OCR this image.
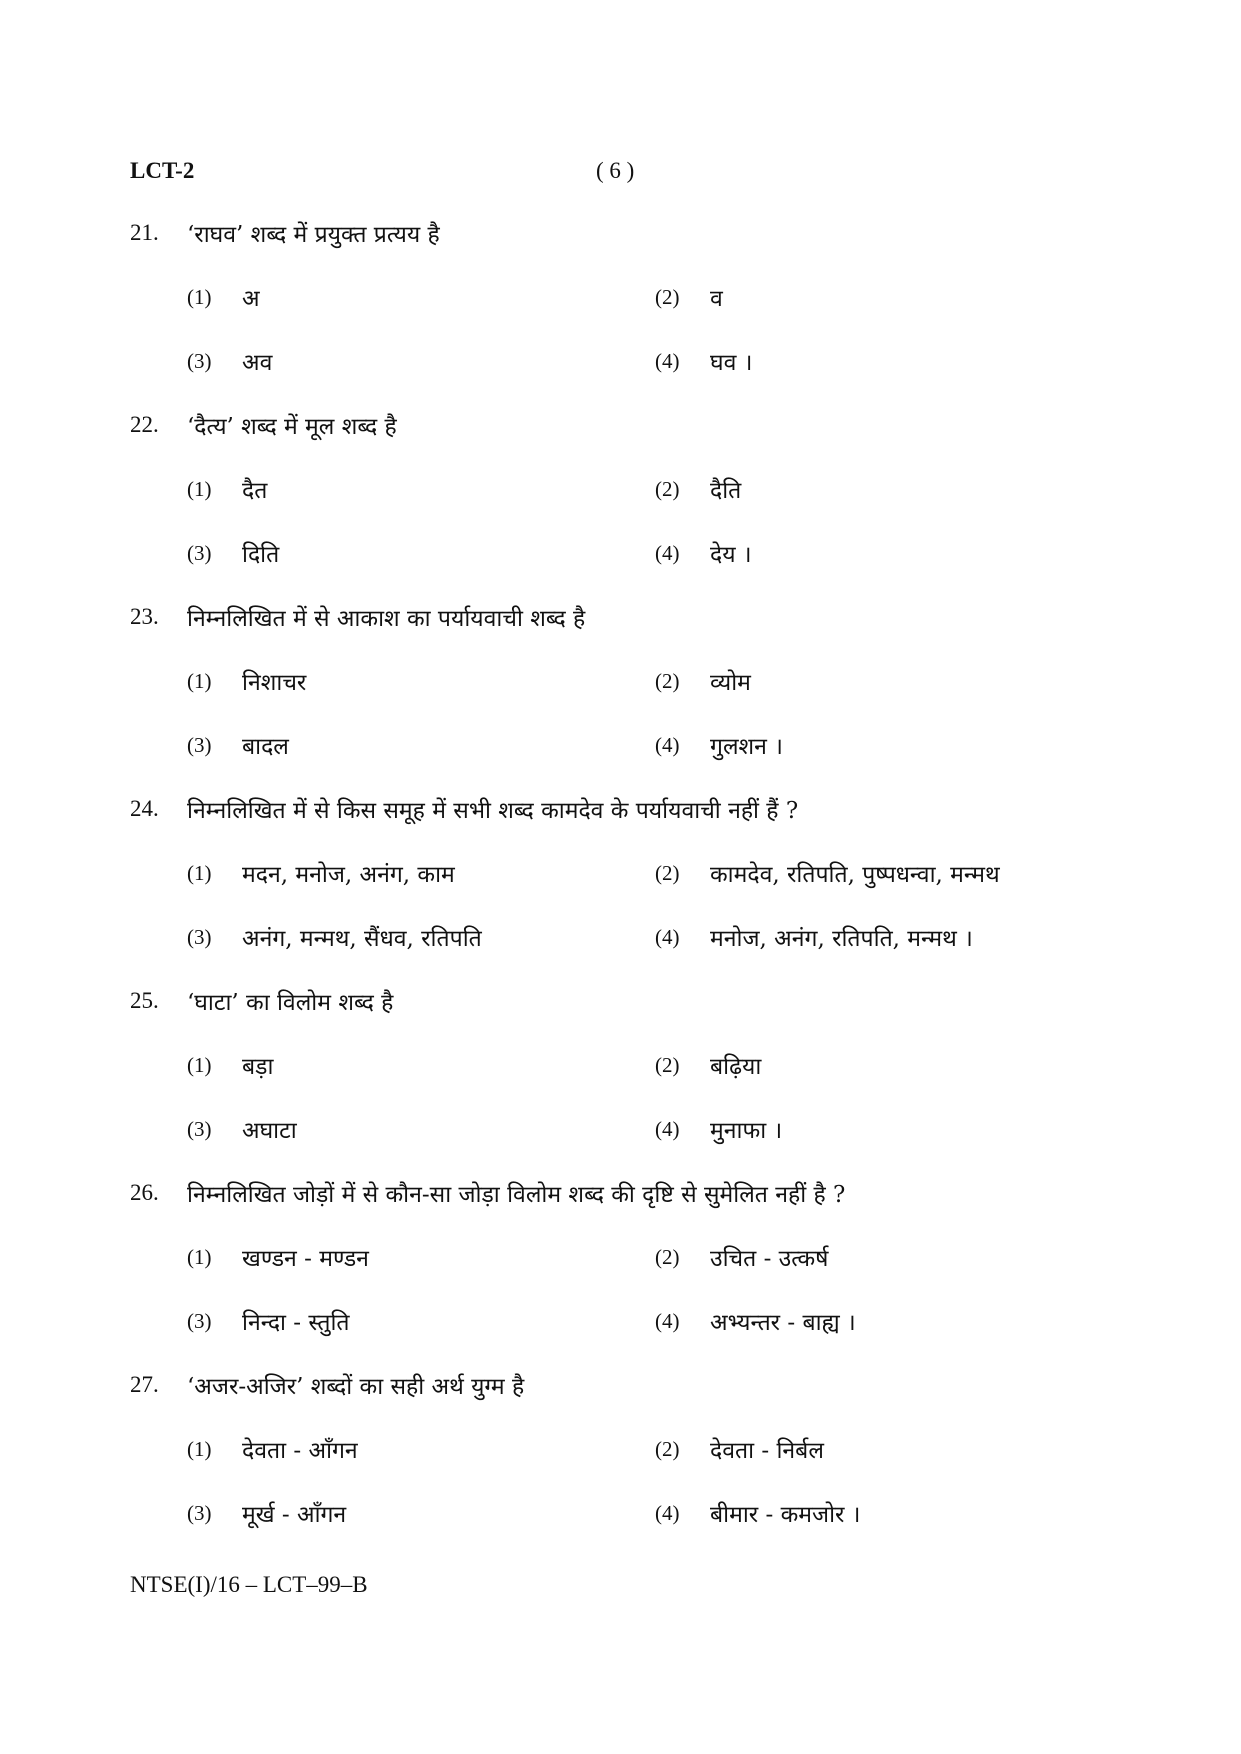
LCT-2	( 6 )
21.	‘राघव’ शब्द में प्रयुक्त प्रत्यय है
(1)	अ	(2)	व
(3)	अव	(4)	घव ।
22.	‘दैत्य’ शब्द में मूल शब्द है
(1)	दैत	(2)	दैति
(3)	दिति	(4)	देय ।
23.	निम्नलिखित में से आकाश का पर्यायवाची शब्द है
(1)	निशाचर	(2)	व्योम
(3)	बादल	(4)	गुलशन ।
24.	निम्नलिखित में से किस समूह में सभी शब्द कामदेव के पर्यायवाची नहीं हैं ?
(1)	मदन, मनोज, अनंग, काम	(2)	कामदेव, रतिपति, पुष्पधन्वा, मन्मथ
(3)	अनंग, मन्मथ, सैंधव, रतिपति	(4)	मनोज, अनंग, रतिपति, मन्मथ ।
25.	‘घाटा’ का विलोम शब्द है
(1)	बड़ा	(2)	बढ़िया
(3)	अघाटा	(4)	मुनाफा ।
26.	निम्नलिखित जोड़ों में से कौन-सा जोड़ा विलोम शब्द की दृष्टि से सुमेलित नहीं है ?
(1)	खण्डन - मण्डन	(2)	उचित - उत्कर्ष
(3)	निन्दा - स्तुति	(4)	अभ्यन्तर - बाह्य ।
27.	‘अजर-अजिर’ शब्दों का सही अर्थ युग्म है
(1)	देवता - आँगन	(2)	देवता - निर्बल
(3)	मूर्ख - आँगन	(4)	बीमार - कमजोर ।
NTSE(I)/16 – LCT–99–B
